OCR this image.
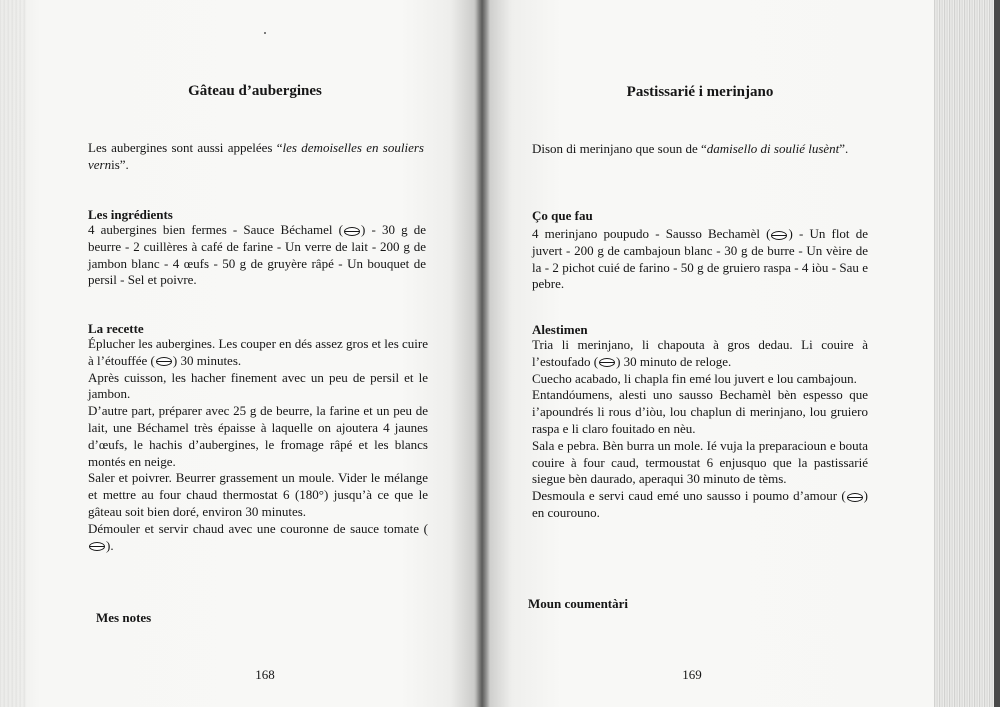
Gâteau d’aubergines

Les aubergines sont aussi appelées “les demoiselles en souliers vernis”.

Les ingrédients

4 aubergines bien fermes - Sauce Béchamel ( ) - 30 g de beurre - 2 cuillères à café de farine - Un verre de lait - 200 g de jambon blanc - 4 œufs - 50 g de gruyère râpé - Un bouquet de persil - Sel et poivre.

La recette

Éplucher les aubergines. Les couper en dés assez gros et les cuire à l’étouffée ( ) 30 minutes.

Après cuisson, les hacher finement avec un peu de persil et le jambon.

D’autre part, préparer avec 25 g de beurre, la farine et un peu de lait, une Béchamel très épaisse à laquelle on ajoutera 4 jaunes d’œufs, le hachis d’aubergines, le fromage râpé et les blancs montés en neige.

Saler et poivrer. Beurrer grassement un moule. Vider le mélange et mettre au four chaud thermostat 6 (180°) jusqu’à ce que le gâteau soit bien doré, environ 30 minutes.

Démouler et servir chaud avec une couronne de sauce tomate ().

Mes notes
168
Pastissarié i merinjano

Dison di merinjano que soun de “damisello di soulié lusènt”.

Ço que fau

4 merinjano poupudo - Sausso Bechamèl ( ) - Un flot de juvert - 200 g de cambajoun blanc - 30 g de burre - Un vèire de la - 2 pichot cuié de farino - 50 g de gruiero raspa - 4 iòu - Sau e pebre.

Alestimen

Tria li merinjano, li chapouta à gros dedau. Li couire à l’estoufado ( ) 30 minuto de reloge.

Cuecho acabado, li chapla fin emé lou juvert e lou cambajoun.

Entandóumens, alesti uno sausso Bechamèl bèn espesso que i’apoundrés li rous d’iòu, lou chaplun di merinjano, lou gruiero raspa e li claro fouitado en nèu.

Sala e pebra. Bèn burra un mole. Ié vuja la preparacioun e bouta couire à four caud, termoustat 6 enjusquo que la pastissarié siegue bèn daurado, aperaqui 30 minuto de tèms.

Desmoula e servi caud emé uno sausso i poumo d’amour ( ) en courouno.

Moun coumentàri
169
